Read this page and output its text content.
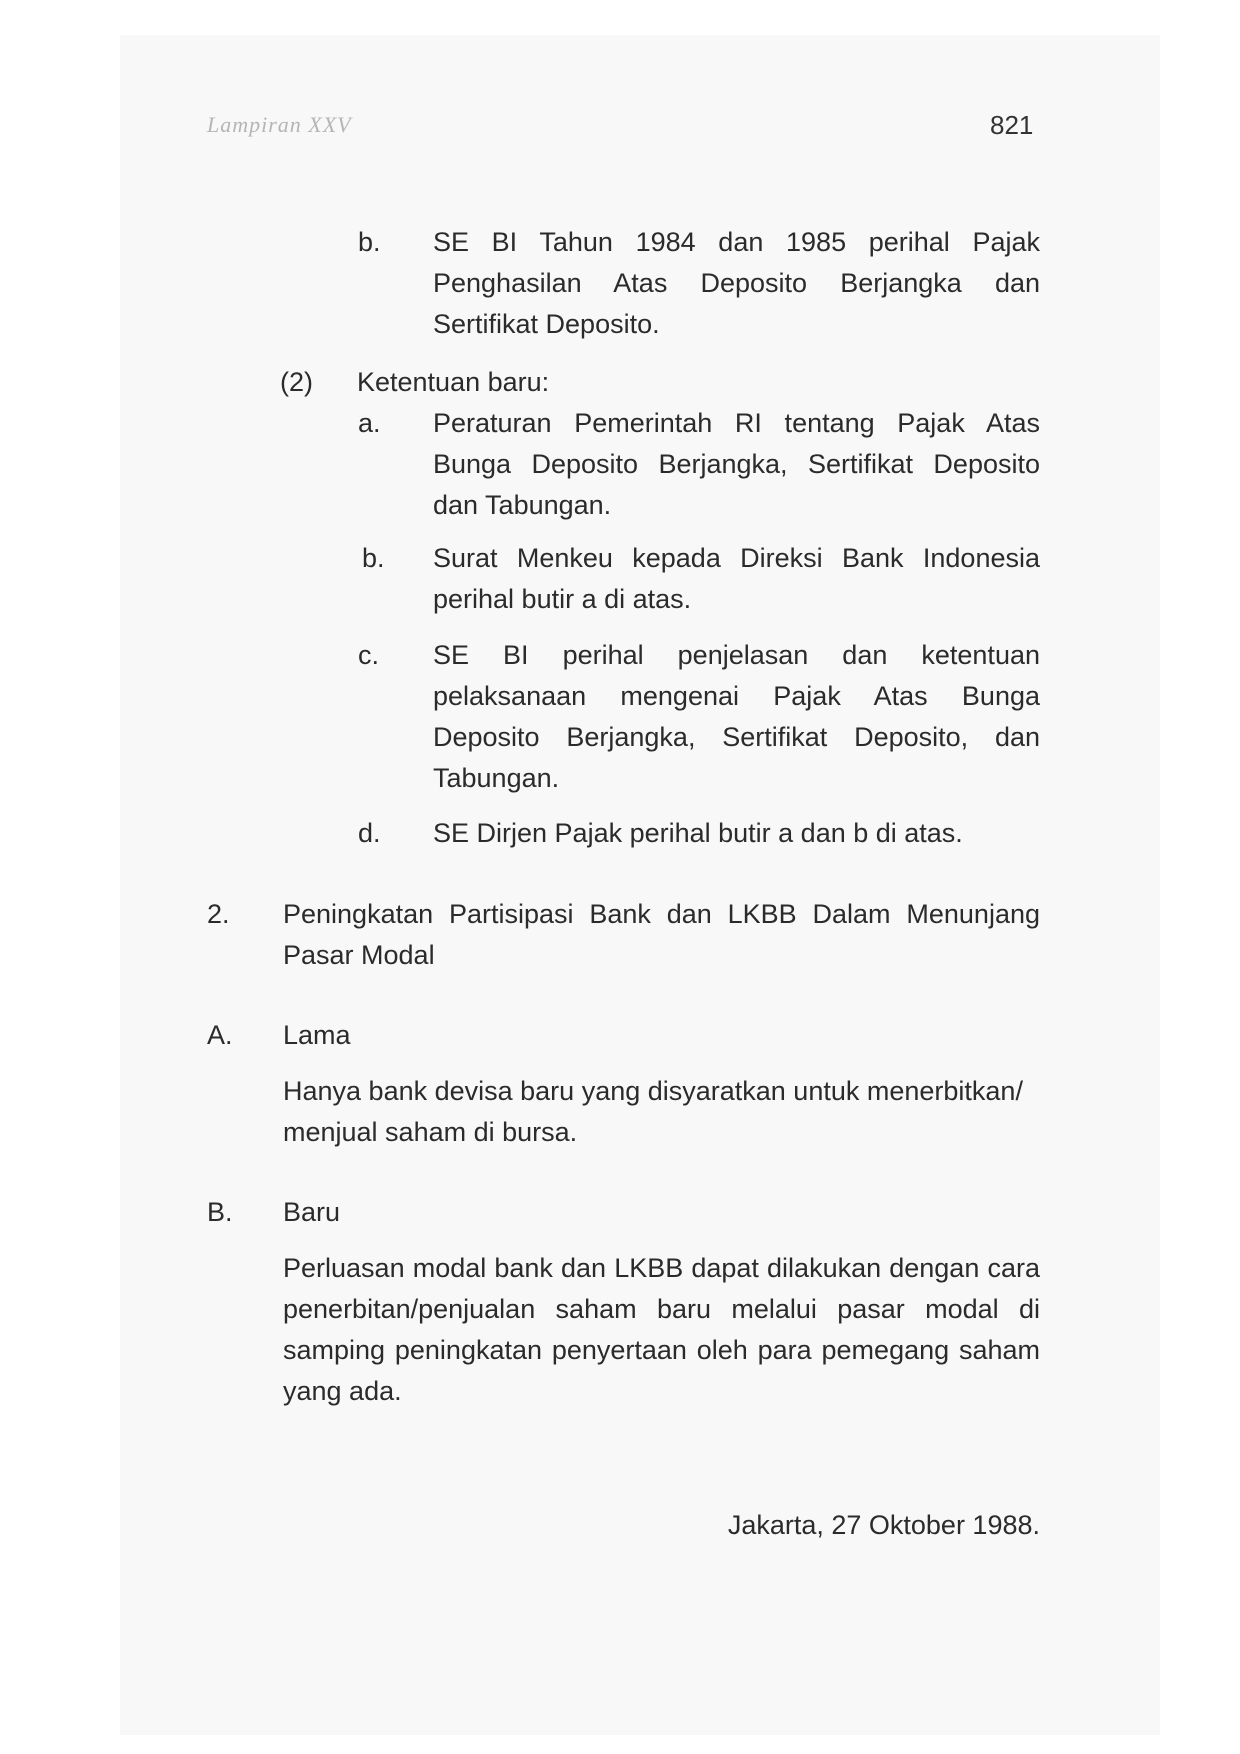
Lampiran XXV	821
b. SE BI Tahun 1984 dan 1985 perihal Pajak Penghasilan Atas Deposito Berjangka dan Sertifikat Deposito.
(2) Ketentuan baru:
a. Peraturan Pemerintah RI tentang Pajak Atas Bunga Deposito Berjangka, Sertifikat Deposito dan Tabungan.
b. Surat Menkeu kepada Direksi Bank Indonesia perihal butir a di atas.
c. SE BI perihal penjelasan dan ketentuan pelaksanaan mengenai Pajak Atas Bunga Deposito Berjangka, Sertifikat Deposito, dan Tabungan.
d. SE Dirjen Pajak perihal butir a dan b di atas.
2. Peningkatan Partisipasi Bank dan LKBB Dalam Menunjang Pasar Modal
A. Lama
Hanya bank devisa baru yang disyaratkan untuk menerbitkan/ menjual saham di bursa.
B. Baru
Perluasan modal bank dan LKBB dapat dilakukan dengan cara penerbitan/penjualan saham baru melalui pasar modal di samping peningkatan penyertaan oleh para pemegang saham yang ada.
Jakarta, 27 Oktober 1988.
